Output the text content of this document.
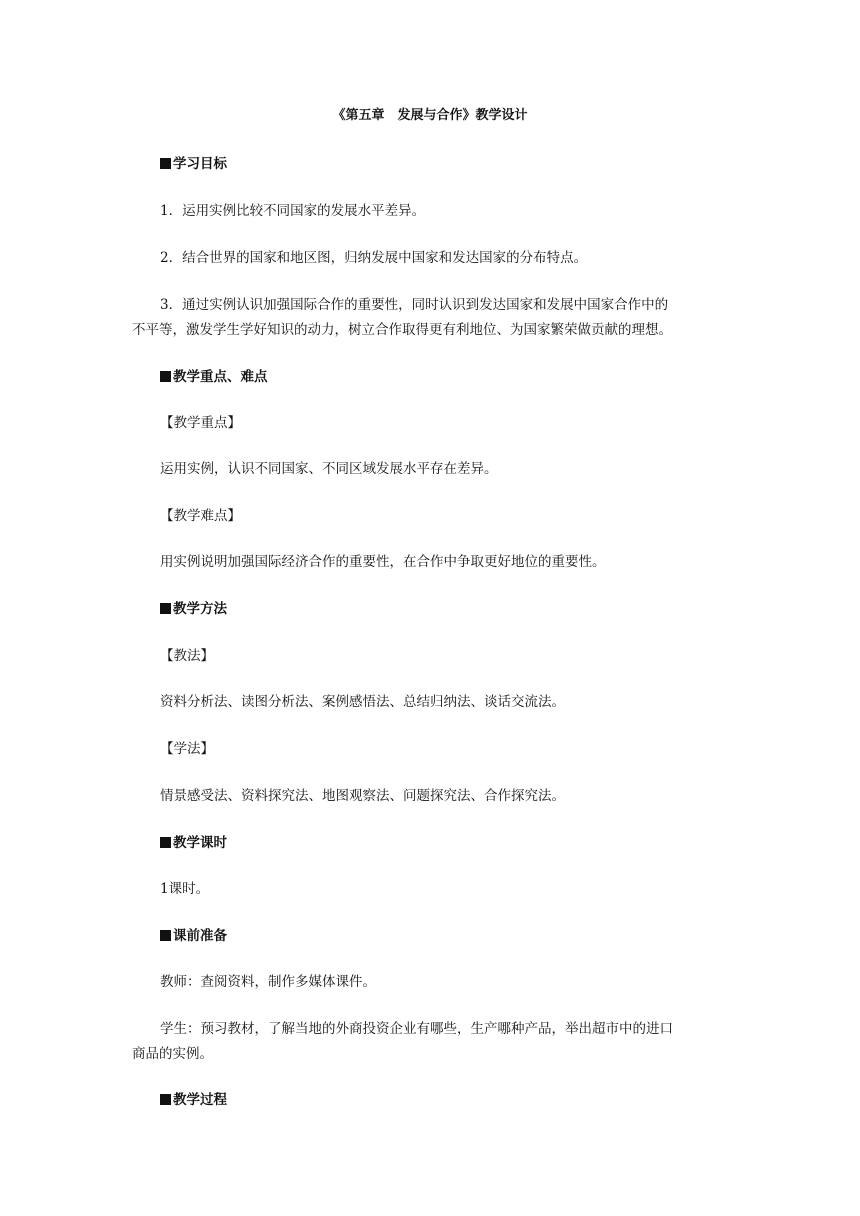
《第五章　发展与合作》教学设计
学习目标
1．运用实例比较不同国家的发展水平差异。
2．结合世界的国家和地区图，归纳发展中国家和发达国家的分布特点。
3．通过实例认识加强国际合作的重要性，同时认识到发达国家和发展中国家合作中的
不平等，激发学生学好知识的动力，树立合作取得更有利地位、为国家繁荣做贡献的理想。
教学重点、难点
【教学重点】
运用实例，认识不同国家、不同区域发展水平存在差异。
【教学难点】
用实例说明加强国际经济合作的重要性，在合作中争取更好地位的重要性。
教学方法
【教法】
资料分析法、读图分析法、案例感悟法、总结归纳法、谈话交流法。
【学法】
情景感受法、资料探究法、地图观察法、问题探究法、合作探究法。
教学课时
1课时。
课前准备
教师：查阅资料，制作多媒体课件。
学生：预习教材，了解当地的外商投资企业有哪些，生产哪种产品，举出超市中的进口
商品的实例。
教学过程
